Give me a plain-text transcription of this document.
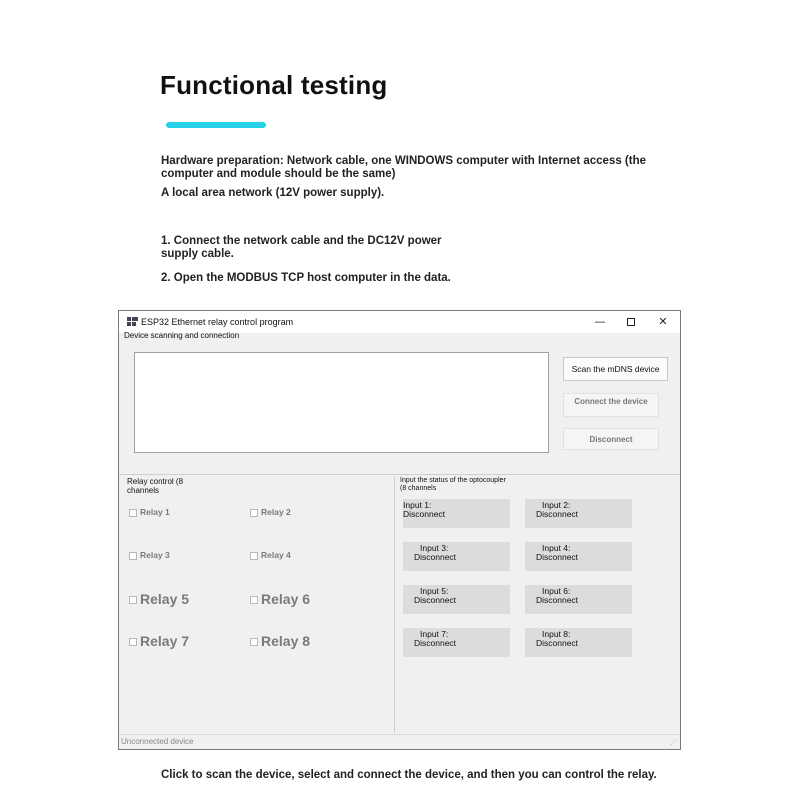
Functional testing
Hardware preparation: Network cable, one WINDOWS computer with Internet access (the computer and module should be the same)
A local area network (12V power supply).
1. Connect the network cable and the DC12V power supply cable.
2. Open the MODBUS TCP host computer in the data.
ESP32 Ethernet relay control program	—	✕
Device scanning and connection
Scan the mDNS device
Connect the device
Disconnect
Relay control (8 channels
Input the status of the optocoupler (8 channels
Relay 1	Relay 2
Relay 3	Relay 4
Relay 5	Relay 6
Relay 7	Relay 8
Input 1:
Disconnect
Input 2:
Disconnect
Input 3:
Disconnect
Input 4:
Disconnect
Input 5:
Disconnect
Input 6:
Disconnect
Input 7:
Disconnect
Input 8:
Disconnect
Unconnected device	⋰
Click to scan the device, select and connect the device, and then you can control the relay.
